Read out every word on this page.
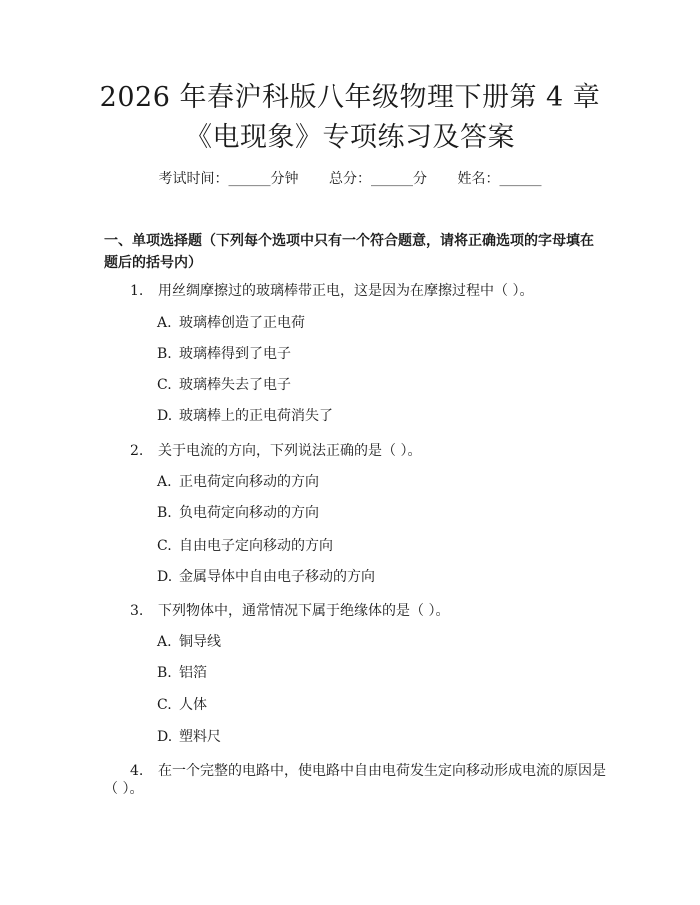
2026 年春沪科版八年级物理下册第 4 章《电现象》专项练习及答案
考试时间：______分钟 总分：______分 姓名：______
一、单项选择题（下列每个选项中只有一个符合题意，请将正确选项的字母填在题后的括号内）
1. 用丝绸摩擦过的玻璃棒带正电，这是因为在摩擦过程中（ ）。
A. 玻璃棒创造了正电荷
B. 玻璃棒得到了电子
C. 玻璃棒失去了电子
D. 玻璃棒上的正电荷消失了
2. 关于电流的方向，下列说法正确的是（ ）。
A. 正电荷定向移动的方向
B. 负电荷定向移动的方向
C. 自由电子定向移动的方向
D. 金属导体中自由电子移动的方向
3. 下列物体中，通常情况下属于绝缘体的是（ ）。
A. 铜导线
B. 铝箔
C. 人体
D. 塑料尺
4. 在一个完整的电路中，使电路中自由电荷发生定向移动形成电流的原因是
（ ）。
